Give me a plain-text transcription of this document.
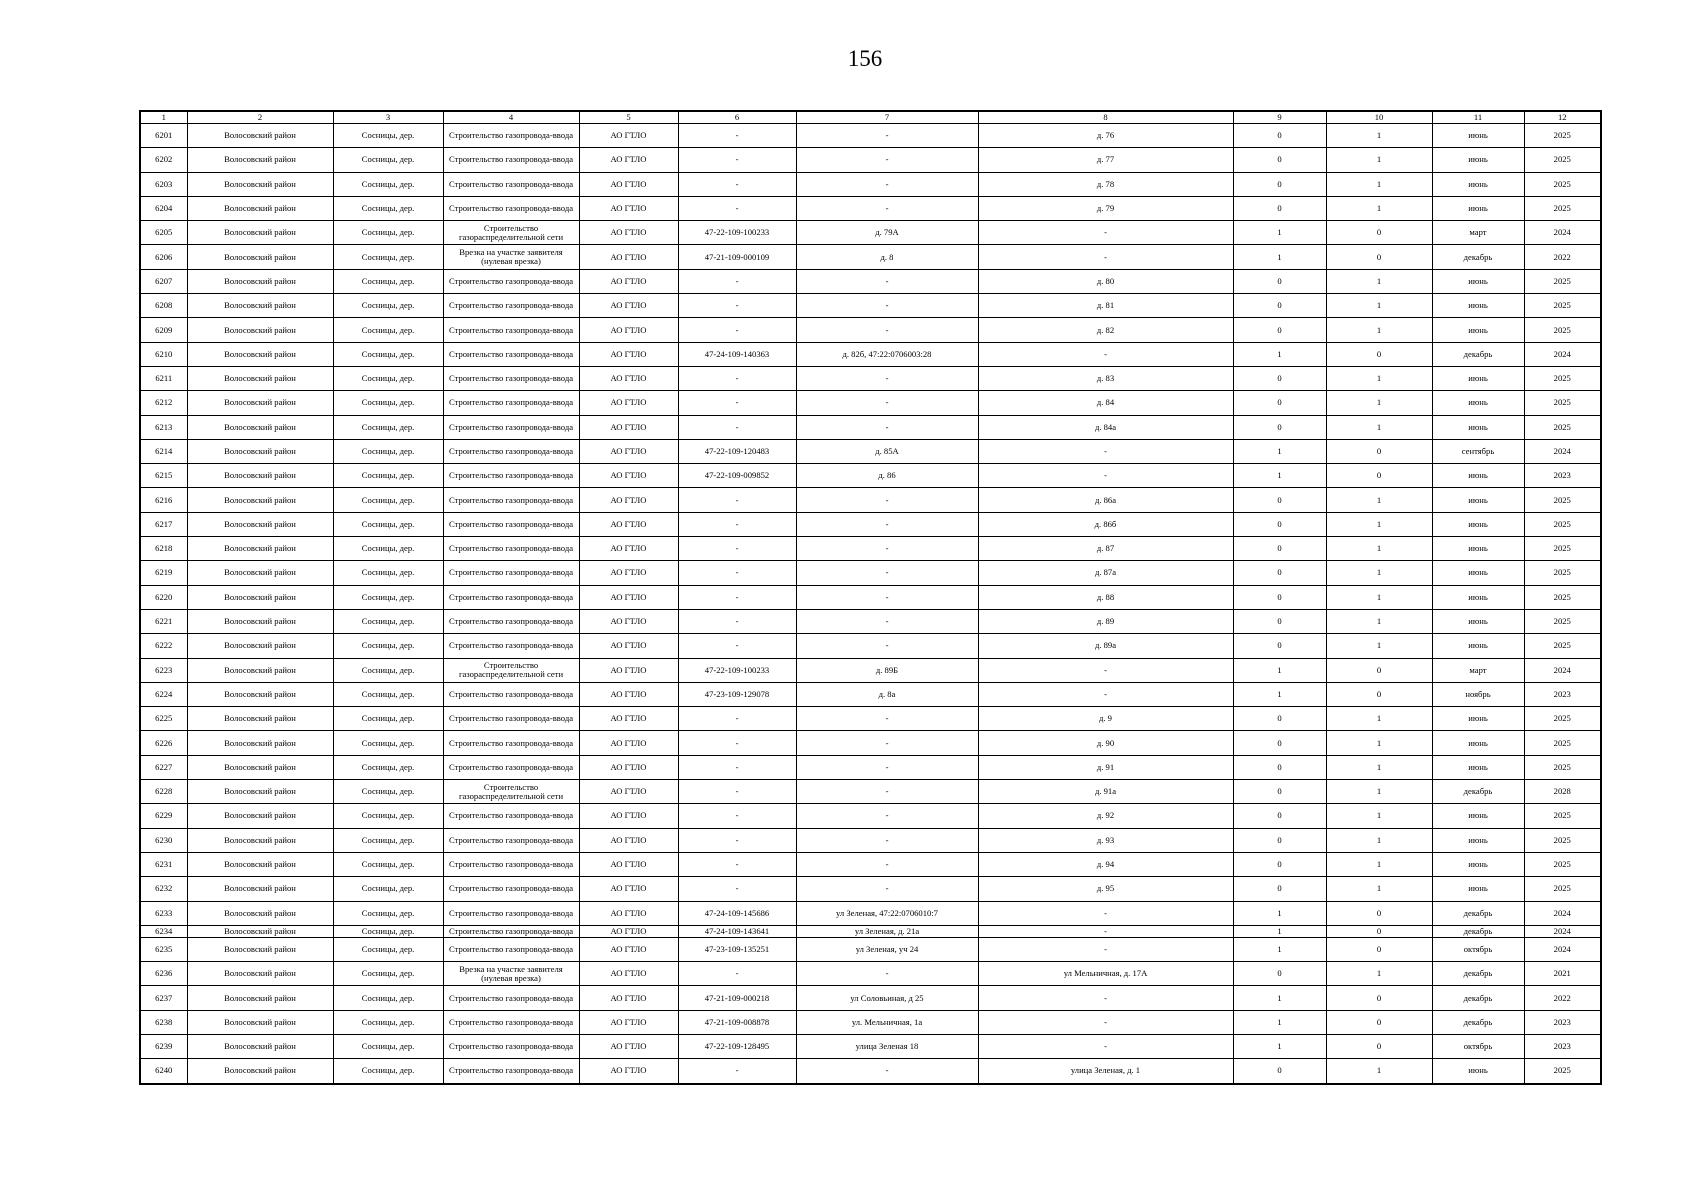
156
1	2	3	4	5	6	7	8	9	10	11	12
6201	Волосовский район	Сосницы, дер.	Строительство газопровода-ввода	АО ГТЛО	-	-	д. 76	0	1	июнь	2025
6202	Волосовский район	Сосницы, дер.	Строительство газопровода-ввода	АО ГТЛО	-	-	д. 77	0	1	июнь	2025
6203	Волосовский район	Сосницы, дер.	Строительство газопровода-ввода	АО ГТЛО	-	-	д. 78	0	1	июнь	2025
6204	Волосовский район	Сосницы, дер.	Строительство газопровода-ввода	АО ГТЛО	-	-	д. 79	0	1	июнь	2025
6205	Волосовский район	Сосницы, дер.	Строительство газораспределительной сети	АО ГТЛО	47-22-109-100233	д. 79А	-	1	0	март	2024
6206	Волосовский район	Сосницы, дер.	Врезка на участке заявителя (нулевая врезка)	АО ГТЛО	47-21-109-000109	д. 8	-	1	0	декабрь	2022
6207	Волосовский район	Сосницы, дер.	Строительство газопровода-ввода	АО ГТЛО	-	-	д. 80	0	1	июнь	2025
6208	Волосовский район	Сосницы, дер.	Строительство газопровода-ввода	АО ГТЛО	-	-	д. 81	0	1	июнь	2025
6209	Волосовский район	Сосницы, дер.	Строительство газопровода-ввода	АО ГТЛО	-	-	д. 82	0	1	июнь	2025
6210	Волосовский район	Сосницы, дер.	Строительство газопровода-ввода	АО ГТЛО	47-24-109-140363	д. 82б, 47:22:0706003:28	-	1	0	декабрь	2024
6211	Волосовский район	Сосницы, дер.	Строительство газопровода-ввода	АО ГТЛО	-	-	д. 83	0	1	июнь	2025
6212	Волосовский район	Сосницы, дер.	Строительство газопровода-ввода	АО ГТЛО	-	-	д. 84	0	1	июнь	2025
6213	Волосовский район	Сосницы, дер.	Строительство газопровода-ввода	АО ГТЛО	-	-	д. 84а	0	1	июнь	2025
6214	Волосовский район	Сосницы, дер.	Строительство газопровода-ввода	АО ГТЛО	47-22-109-120483	д. 85А	-	1	0	сентябрь	2024
6215	Волосовский район	Сосницы, дер.	Строительство газопровода-ввода	АО ГТЛО	47-22-109-009852	д. 86	-	1	0	июнь	2023
6216	Волосовский район	Сосницы, дер.	Строительство газопровода-ввода	АО ГТЛО	-	-	д. 86а	0	1	июнь	2025
6217	Волосовский район	Сосницы, дер.	Строительство газопровода-ввода	АО ГТЛО	-	-	д. 86б	0	1	июнь	2025
6218	Волосовский район	Сосницы, дер.	Строительство газопровода-ввода	АО ГТЛО	-	-	д. 87	0	1	июнь	2025
6219	Волосовский район	Сосницы, дер.	Строительство газопровода-ввода	АО ГТЛО	-	-	д. 87а	0	1	июнь	2025
6220	Волосовский район	Сосницы, дер.	Строительство газопровода-ввода	АО ГТЛО	-	-	д. 88	0	1	июнь	2025
6221	Волосовский район	Сосницы, дер.	Строительство газопровода-ввода	АО ГТЛО	-	-	д. 89	0	1	июнь	2025
6222	Волосовский район	Сосницы, дер.	Строительство газопровода-ввода	АО ГТЛО	-	-	д. 89а	0	1	июнь	2025
6223	Волосовский район	Сосницы, дер.	Строительство газораспределительной сети	АО ГТЛО	47-22-109-100233	д. 89Б	-	1	0	март	2024
6224	Волосовский район	Сосницы, дер.	Строительство газопровода-ввода	АО ГТЛО	47-23-109-129078	д. 8а	-	1	0	ноябрь	2023
6225	Волосовский район	Сосницы, дер.	Строительство газопровода-ввода	АО ГТЛО	-	-	д. 9	0	1	июнь	2025
6226	Волосовский район	Сосницы, дер.	Строительство газопровода-ввода	АО ГТЛО	-	-	д. 90	0	1	июнь	2025
6227	Волосовский район	Сосницы, дер.	Строительство газопровода-ввода	АО ГТЛО	-	-	д. 91	0	1	июнь	2025
6228	Волосовский район	Сосницы, дер.	Строительство газораспределительной сети	АО ГТЛО	-	-	д. 91а	0	1	декабрь	2028
6229	Волосовский район	Сосницы, дер.	Строительство газопровода-ввода	АО ГТЛО	-	-	д. 92	0	1	июнь	2025
6230	Волосовский район	Сосницы, дер.	Строительство газопровода-ввода	АО ГТЛО	-	-	д. 93	0	1	июнь	2025
6231	Волосовский район	Сосницы, дер.	Строительство газопровода-ввода	АО ГТЛО	-	-	д. 94	0	1	июнь	2025
6232	Волосовский район	Сосницы, дер.	Строительство газопровода-ввода	АО ГТЛО	-	-	д. 95	0	1	июнь	2025
6233	Волосовский район	Сосницы, дер.	Строительство газопровода-ввода	АО ГТЛО	47-24-109-145686	ул Зеленая, 47:22:0706010:7	-	1	0	декабрь	2024
6234	Волосовский район	Сосницы, дер.	Строительство газопровода-ввода	АО ГТЛО	47-24-109-143641	ул Зеленая, д. 21а	-	1	0	декабрь	2024
6235	Волосовский район	Сосницы, дер.	Строительство газопровода-ввода	АО ГТЛО	47-23-109-135251	ул Зеленая, уч 24	-	1	0	октябрь	2024
6236	Волосовский район	Сосницы, дер.	Врезка на участке заявителя (нулевая врезка)	АО ГТЛО	-	-	ул Мельничная, д. 17А	0	1	декабрь	2021
6237	Волосовский район	Сосницы, дер.	Строительство газопровода-ввода	АО ГТЛО	47-21-109-000218	ул Соловьиная, д 25	-	1	0	декабрь	2022
6238	Волосовский район	Сосницы, дер.	Строительство газопровода-ввода	АО ГТЛО	47-21-109-008878	ул. Мельничная, 1а	-	1	0	декабрь	2023
6239	Волосовский район	Сосницы, дер.	Строительство газопровода-ввода	АО ГТЛО	47-22-109-128495	улица Зеленая 18	-	1	0	октябрь	2023
6240	Волосовский район	Сосницы, дер.	Строительство газопровода-ввода	АО ГТЛО	-	-	улица Зеленая, д. 1	0	1	июнь	2025
